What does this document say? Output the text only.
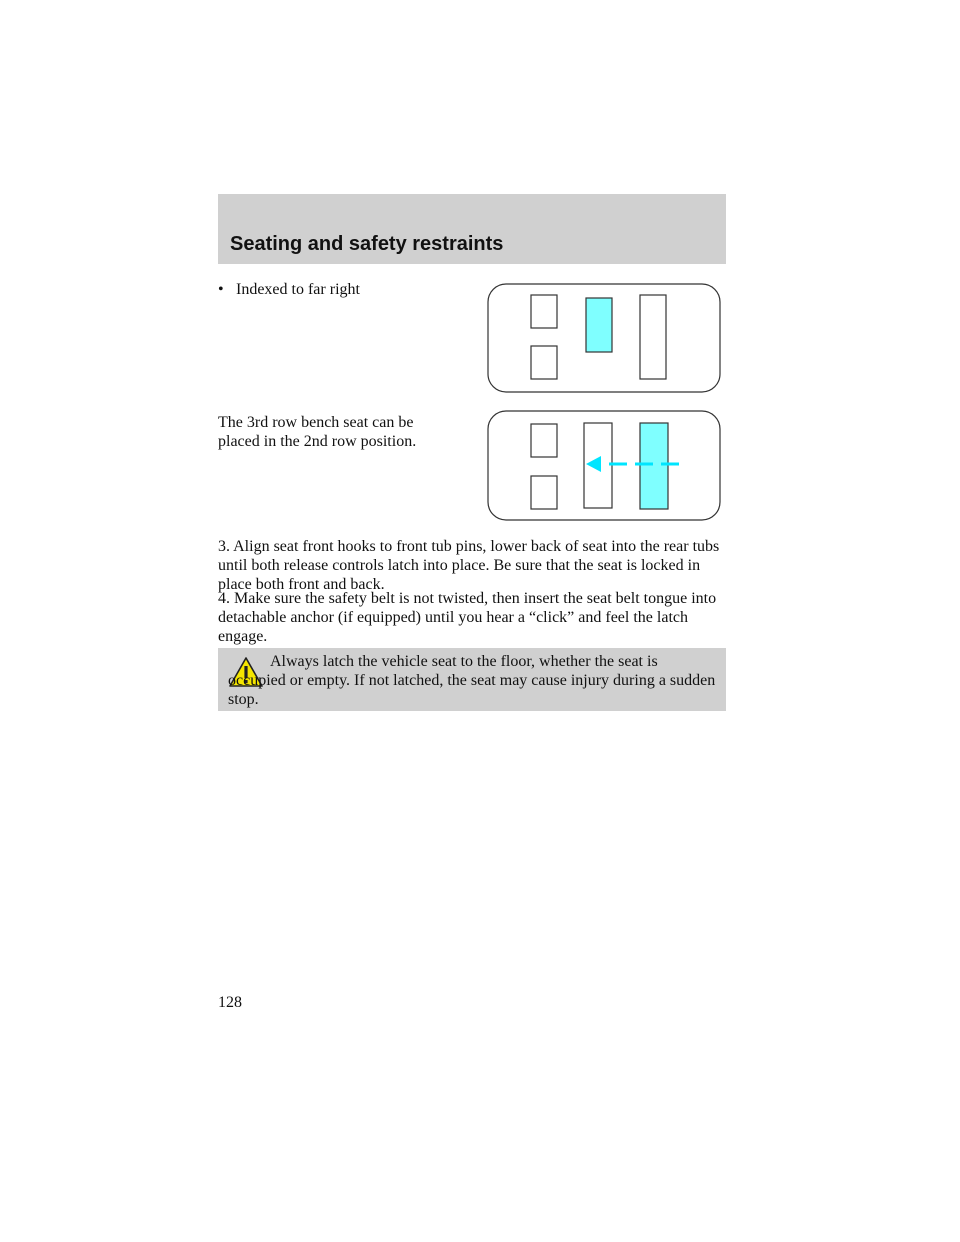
Seating and safety restraints
• Indexed to far right
The 3rd row bench seat can be placed in the 2nd row position.
3. Align seat front hooks to front tub pins, lower back of seat into the rear tubs until both release controls latch into place. Be sure that the seat is locked in place both front and back.
4. Make sure the safety belt is not twisted, then insert the seat belt tongue into detachable anchor (if equipped) until you hear a “click” and feel the latch engage.
Always latch the vehicle seat to the floor, whether the seat is occupied or empty. If not latched, the seat may cause injury during a sudden stop.
128
